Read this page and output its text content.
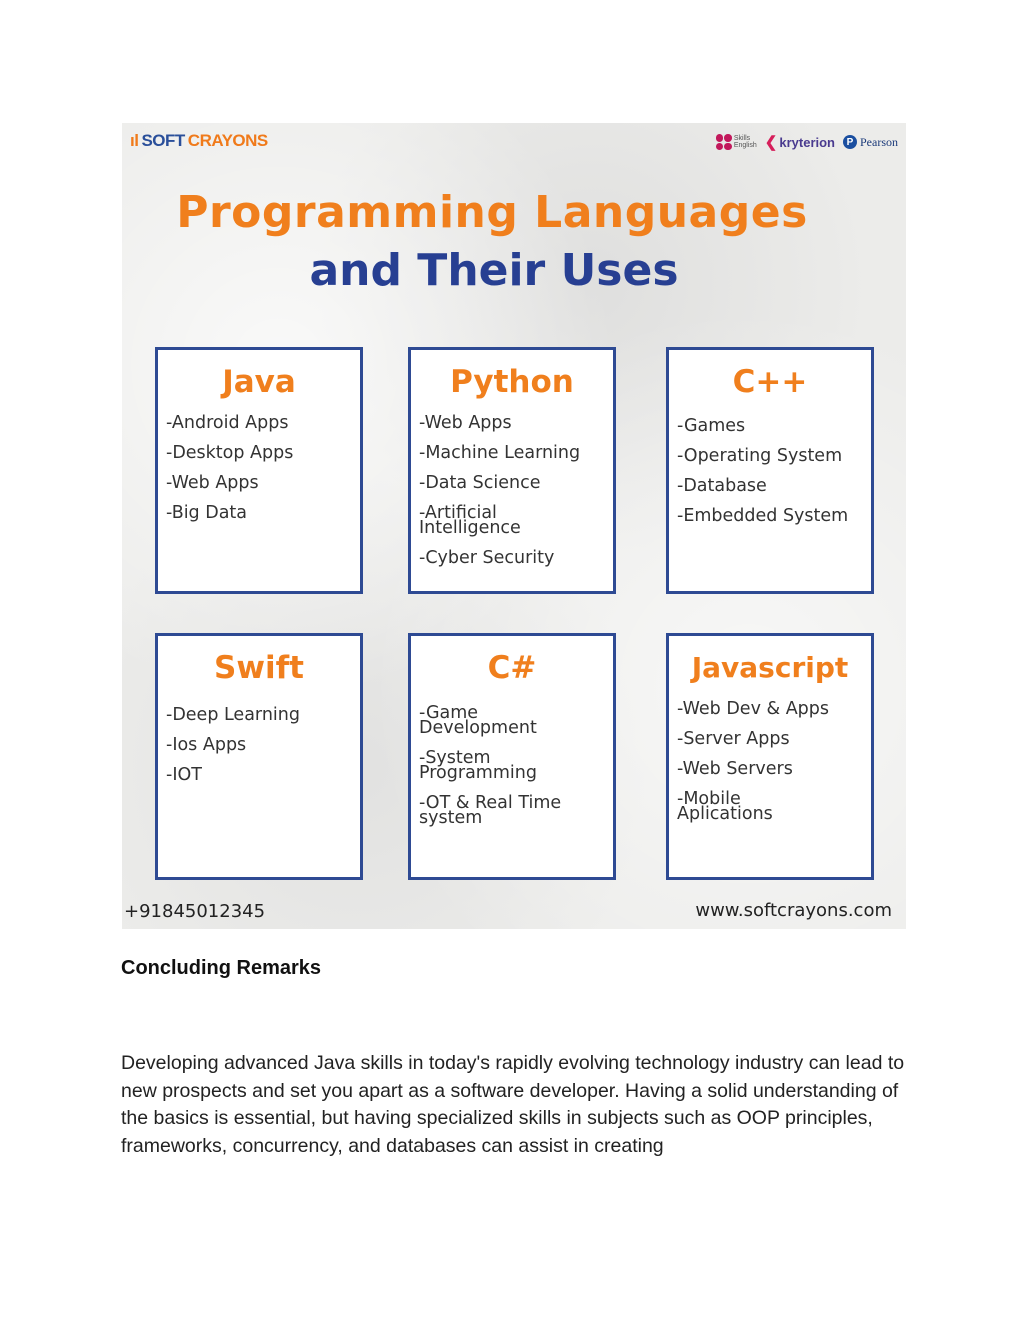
ıl SOFT CRAYONS	Skills
English ❮ kryterion	P Pearson
Programming Languages
and Their Uses
Java
-Android Apps
-Desktop Apps
-Web Apps
-Big Data
Python
-Web Apps
-Machine Learning
-Data Science
-Artificial
Intelligence
-Cyber Security
C++
-Games
-Operating System
-Database
-Embedded System
Swift
-Deep Learning
-Ios Apps
-IOT
C#
-Game
Development
-System
Programming
-OT & Real Time
system
Javascript
-Web Dev & Apps
-Server Apps
-Web Servers
-Mobile
Aplications
+91845012345	www.softcrayons.com
Concluding Remarks
Developing advanced Java skills in today's rapidly evolving technology industry can lead to new prospects and set you apart as a software developer. Having a solid understanding of the basics is essential, but having specialized skills in subjects such as OOP principles, frameworks, concurrency, and databases can assist in creating
